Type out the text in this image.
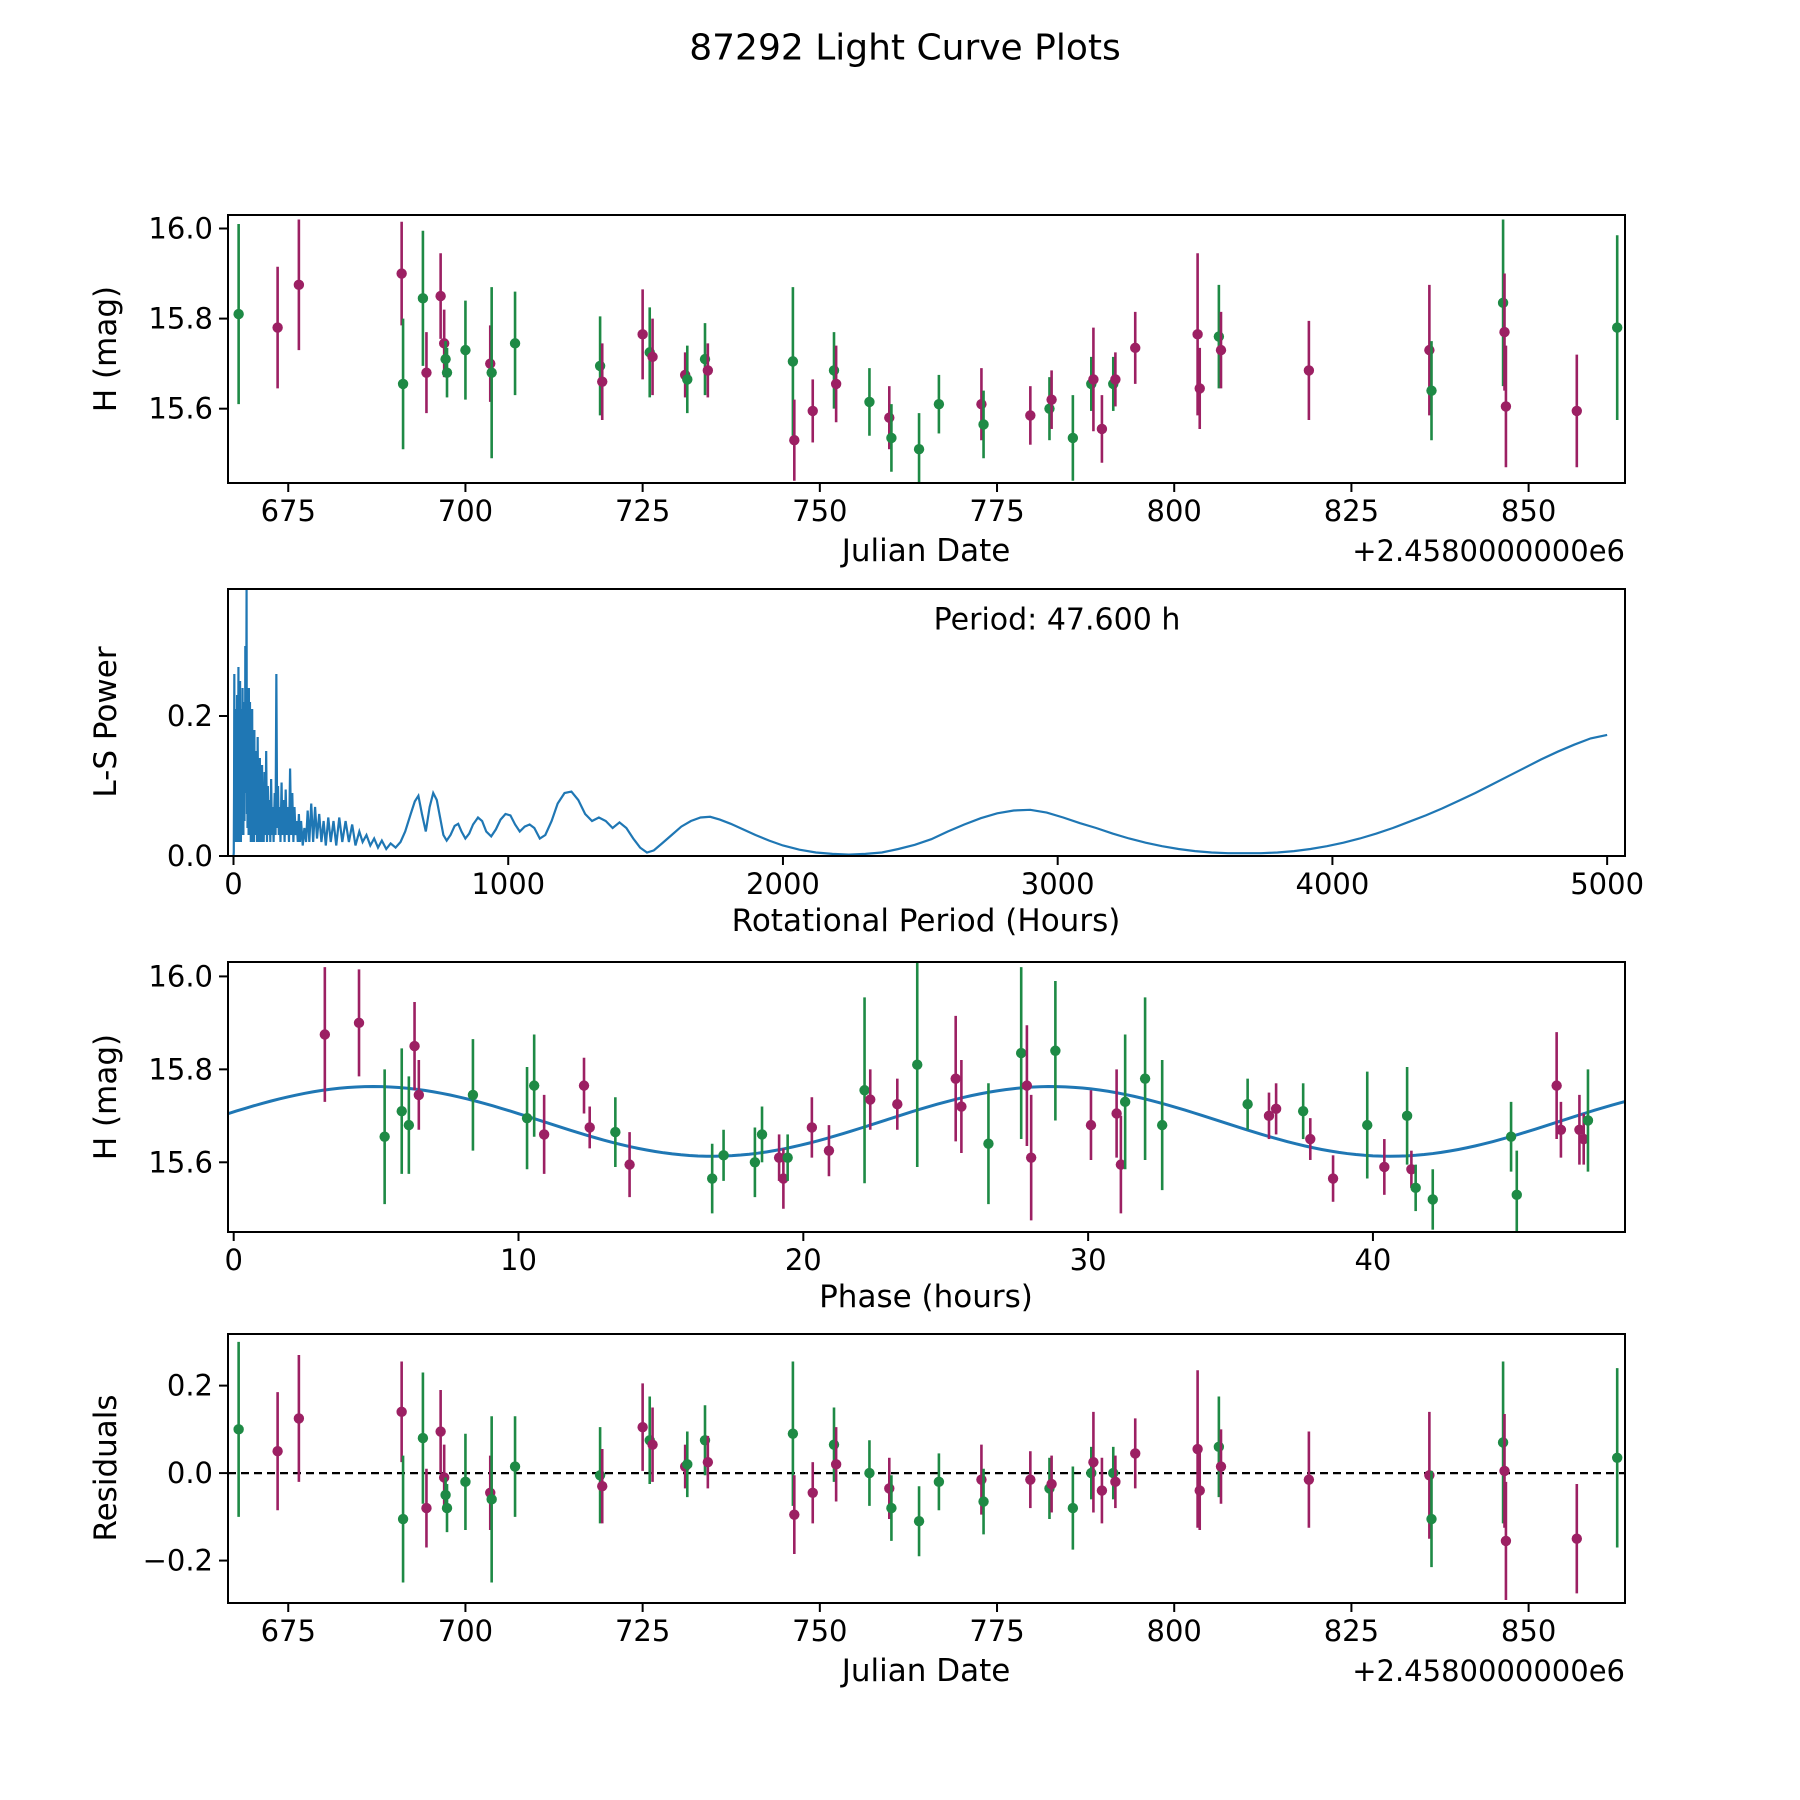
675	700	725	750	775	800	825	850
15.6
15.8
16.0
0	1000	2000	3000	4000	5000
0.0
0.2
0	10	20	30	40
15.6
15.8
16.0
675	700	725	750	775	800	825	850
−0.2
0.0
0.2
87292 Light Curve Plots
H (mag)
Julian Date	+2.4580000000e6
L-S Power
Rotational Period (Hours)
Period: 47.600 h
H (mag)
Phase (hours)
Residuals
Julian Date	+2.4580000000e6
